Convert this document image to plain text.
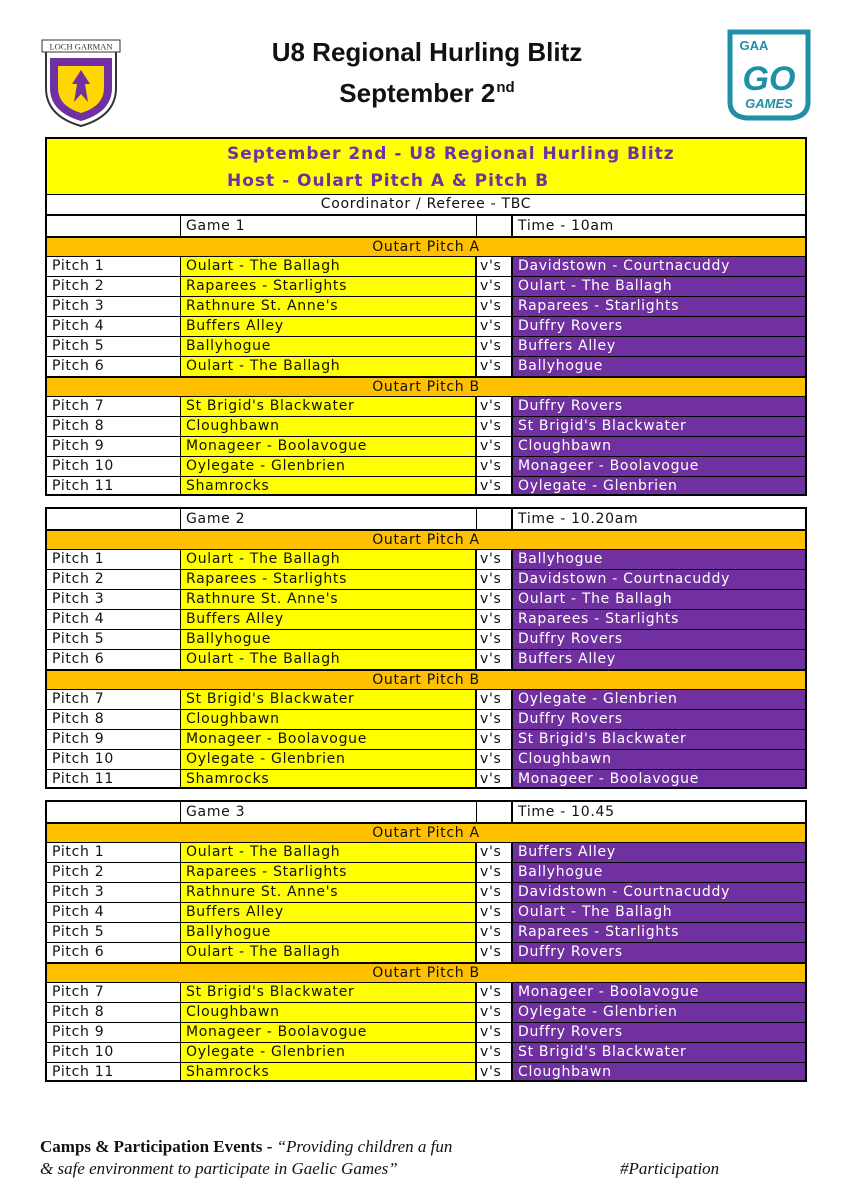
LOCH GARMAN	U8 Regional Hurling Blitz
September 2nd
GAA
GO
GAMES
September 2nd - U8 Regional Hurling Blitz
Host - Oulart Pitch A & Pitch B
Coordinator / Referee - TBC
Game 1	Time - 10am
Outart Pitch A
Pitch 1	Oulart - The Ballagh	v's	Davidstown - Courtnacuddy
Pitch 2	Raparees - Starlights	v's	Oulart - The Ballagh
Pitch 3	Rathnure St. Anne's	v's	Raparees - Starlights
Pitch 4	Buffers Alley	v's	Duffry Rovers
Pitch 5	Ballyhogue	v's	Buffers Alley
Pitch 6	Oulart - The Ballagh	v's	Ballyhogue
Outart Pitch B
Pitch 7	St Brigid's Blackwater	v's	Duffry Rovers
Pitch 8	Cloughbawn	v's	St Brigid's Blackwater
Pitch 9	Monageer - Boolavogue	v's	Cloughbawn
Pitch 10	Oylegate - Glenbrien	v's	Monageer - Boolavogue
Pitch 11	Shamrocks	v's	Oylegate - Glenbrien
Game 2	Time - 10.20am
Outart Pitch A
Pitch 1	Oulart - The Ballagh	v's	Ballyhogue
Pitch 2	Raparees - Starlights	v's	Davidstown - Courtnacuddy
Pitch 3	Rathnure St. Anne's	v's	Oulart - The Ballagh
Pitch 4	Buffers Alley	v's	Raparees - Starlights
Pitch 5	Ballyhogue	v's	Duffry Rovers
Pitch 6	Oulart - The Ballagh	v's	Buffers Alley
Outart Pitch B
Pitch 7	St Brigid's Blackwater	v's	Oylegate - Glenbrien
Pitch 8	Cloughbawn	v's	Duffry Rovers
Pitch 9	Monageer - Boolavogue	v's	St Brigid's Blackwater
Pitch 10	Oylegate - Glenbrien	v's	Cloughbawn
Pitch 11	Shamrocks	v's	Monageer - Boolavogue
Game 3	Time - 10.45
Outart Pitch A
Pitch 1	Oulart - The Ballagh	v's	Buffers Alley
Pitch 2	Raparees - Starlights	v's	Ballyhogue
Pitch 3	Rathnure St. Anne's	v's	Davidstown - Courtnacuddy
Pitch 4	Buffers Alley	v's	Oulart - The Ballagh
Pitch 5	Ballyhogue	v's	Raparees - Starlights
Pitch 6	Oulart - The Ballagh	v's	Duffry Rovers
Outart Pitch B
Pitch 7	St Brigid's Blackwater	v's	Monageer - Boolavogue
Pitch 8	Cloughbawn	v's	Oylegate - Glenbrien
Pitch 9	Monageer - Boolavogue	v's	Duffry Rovers
Pitch 10	Oylegate - Glenbrien	v's	St Brigid's Blackwater
Pitch 11	Shamrocks	v's	Cloughbawn
Camps & Participation Events - “Providing children a fun
& safe environment to participate in Gaelic Games”	#Participation
